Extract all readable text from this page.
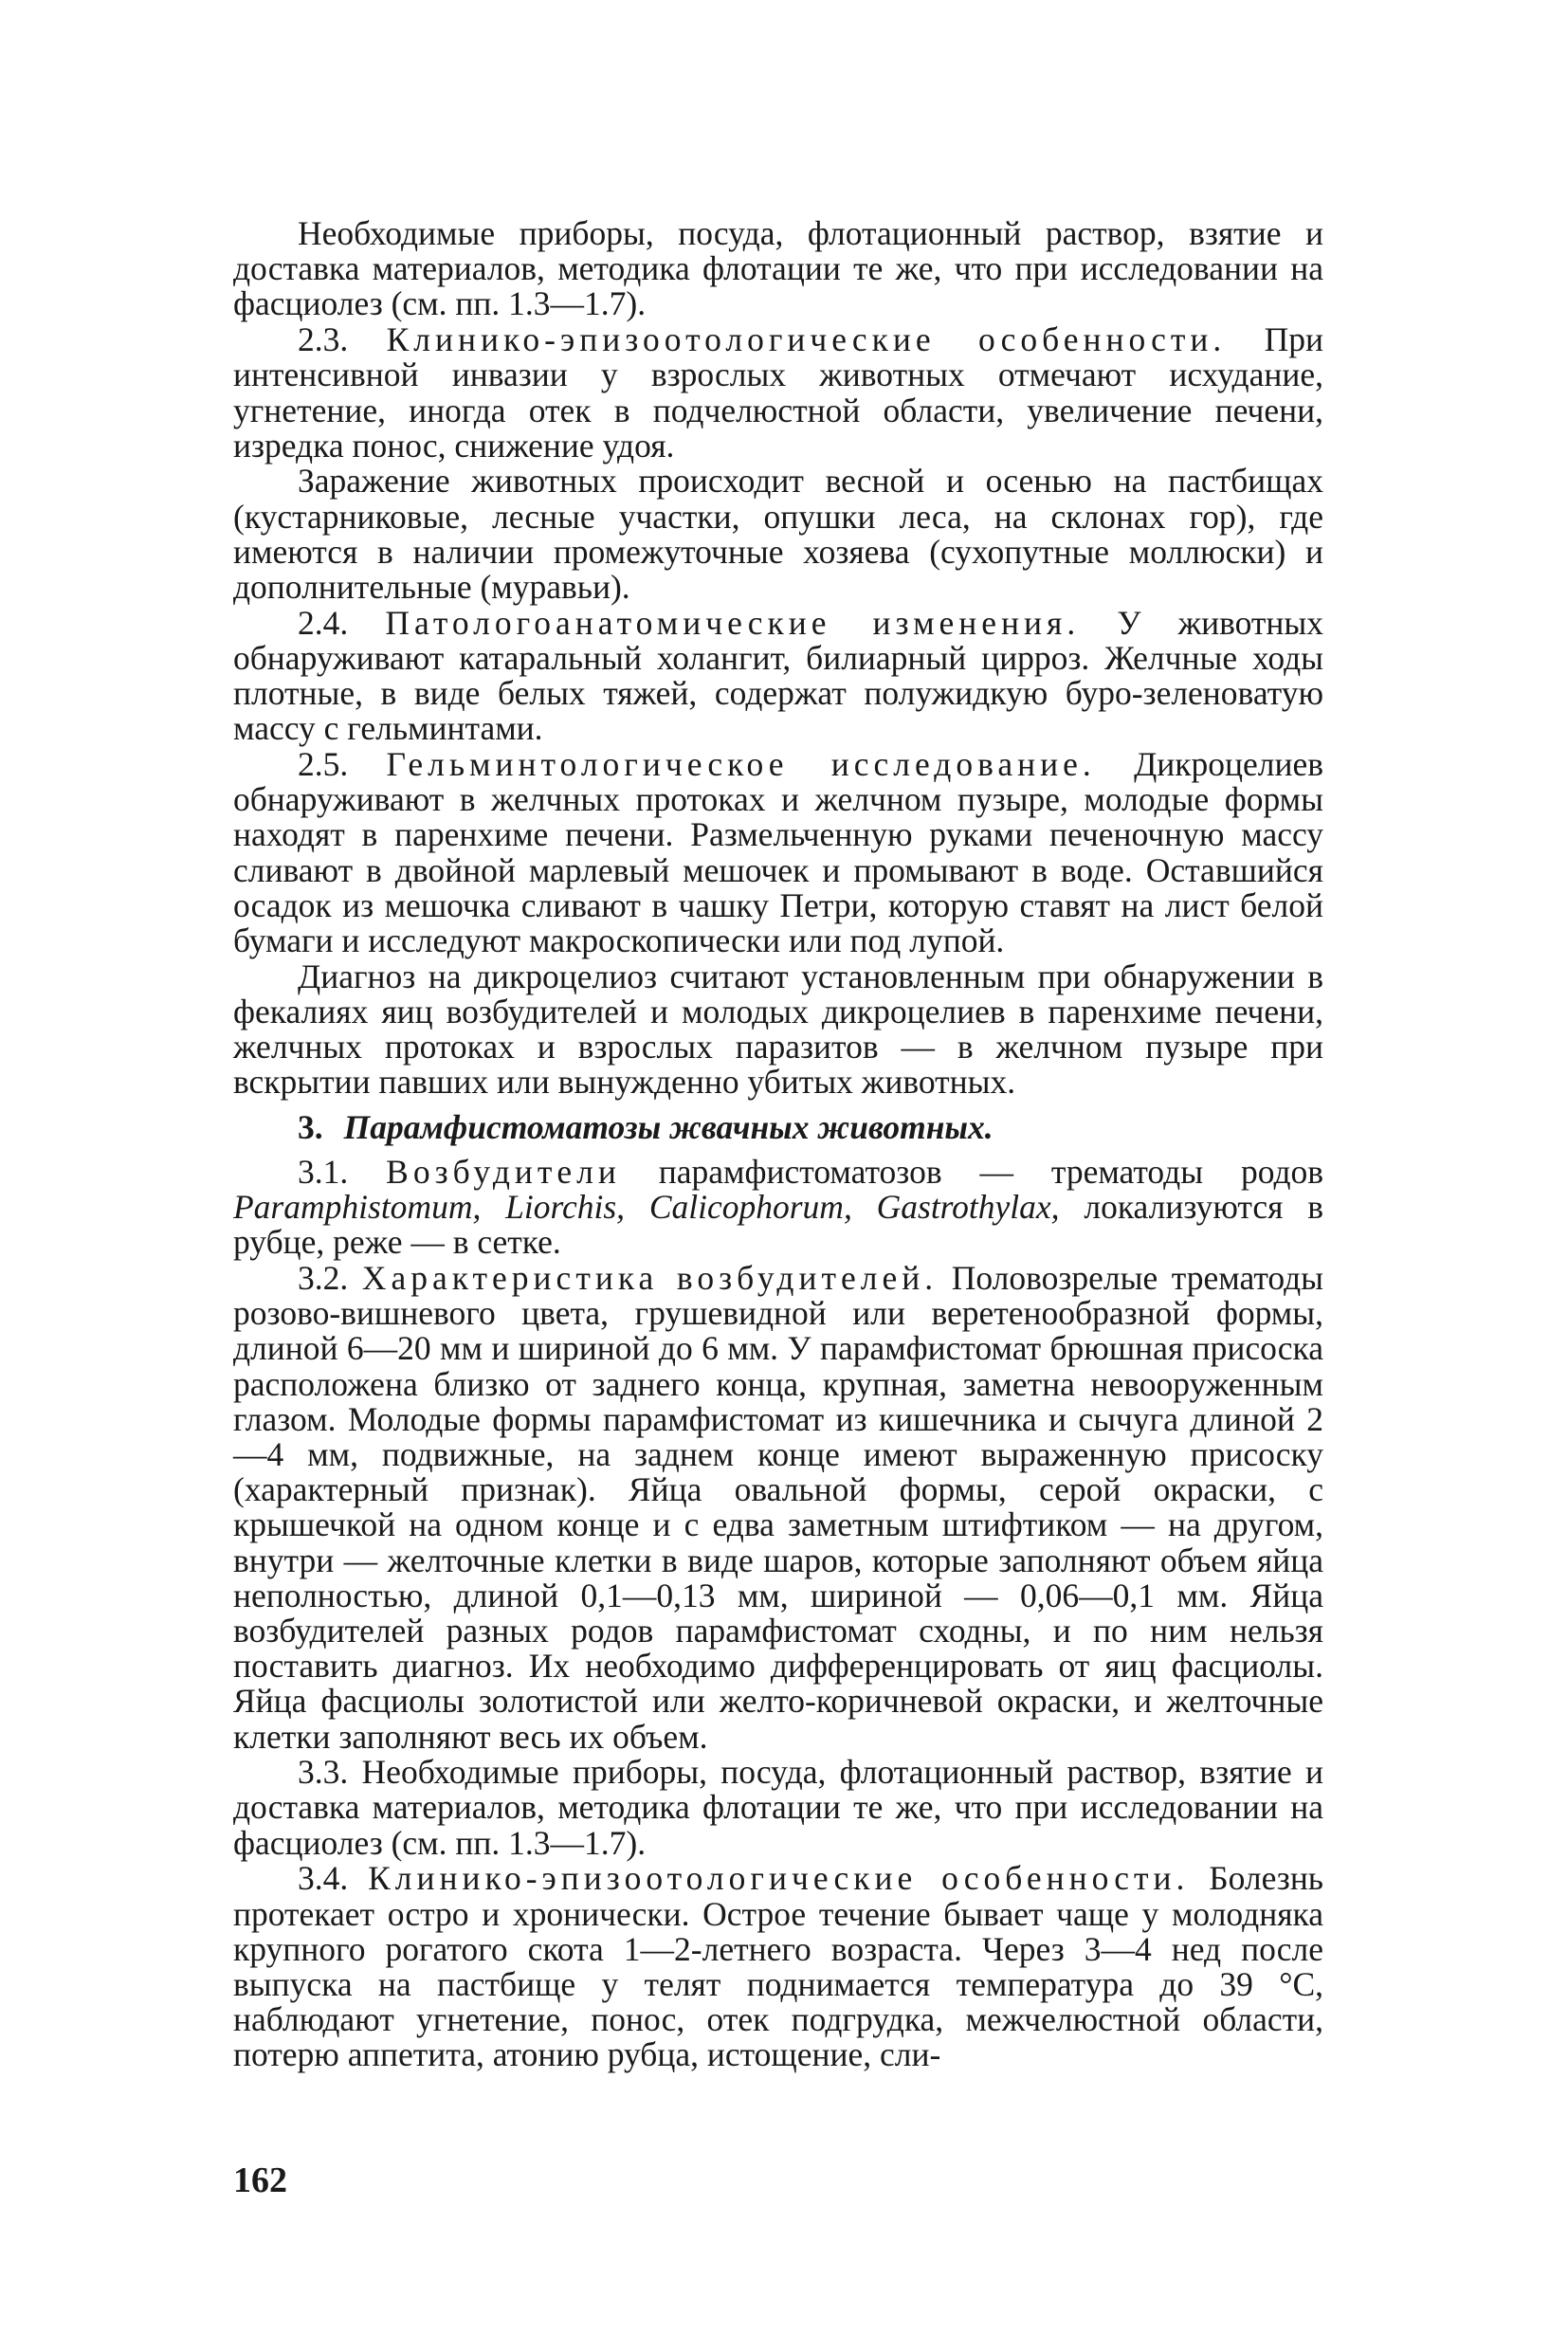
Необходимые приборы, посуда, флотационный раствор, взятие и доставка материалов, методика флотации те же, что при исследовании на фасциолез (см. пп. 1.3—1.7).

2.3. Клинико-эпизоотологические особенности. При интенсивной инвазии у взрослых животных отмечают исхудание, угнетение, иногда отек в подчелюстной области, увеличение печени, изредка понос, снижение удоя.

Заражение животных происходит весной и осенью на пастбищах (кустарниковые, лесные участки, опушки леса, на склонах гор), где имеются в наличии промежуточные хозяева (сухопутные моллюски) и дополнительные (муравьи).

2.4. Патологоанатомические изменения. У животных обнаруживают катаральный холангит, билиарный цирроз. Желчные ходы плотные, в виде белых тяжей, содержат полужидкую буро-зеленоватую массу с гельминтами.

2.5. Гельминтологическое исследование. Дикроцелиев обнаруживают в желчных протоках и желчном пузыре, молодые формы находят в паренхиме печени. Размельченную руками печеночную массу сливают в двойной марлевый мешочек и промывают в воде. Оставшийся осадок из мешочка сливают в чашку Петри, которую ставят на лист белой бумаги и исследуют макроскопически или под лупой.

Диагноз на дикроцелиоз считают установленным при обнаружении в фекалиях яиц возбудителей и молодых дикроцелиев в паренхиме печени, желчных протоках и взрослых паразитов — в желчном пузыре при вскрытии павших или вынужденно убитых животных.

3. Парамфистоматозы жвачных животных.

3.1. Возбудители парамфистоматозов — трематоды родов Paramphistomum, Liorchis, Calicophorum, Gastrothylax, локализуются в рубце, реже — в сетке.

3.2. Характеристика возбудителей. Половозрелые трематоды розово-вишневого цвета, грушевидной или веретенообразной формы, длиной 6—20 мм и шириной до 6 мм. У парамфистомат брюшная присоска расположена близко от заднего конца, крупная, заметна невооруженным глазом. Молодые формы парамфистомат из кишечника и сычуга длиной 2—4 мм, подвижные, на заднем конце имеют выраженную присоску (характерный признак). Яйца овальной формы, серой окраски, с крышечкой на одном конце и с едва заметным штифтиком — на другом, внутри — желточные клетки в виде шаров, которые заполняют объем яйца неполностью, длиной 0,1—0,13 мм, шириной — 0,06—0,1 мм. Яйца возбудителей разных родов парамфистомат сходны, и по ним нельзя поставить диагноз. Их необходимо дифференцировать от яиц фасциолы. Яйца фасциолы золотистой или желто-коричневой окраски, и желточные клетки заполняют весь их объем.

3.3. Необходимые приборы, посуда, флотационный раствор, взятие и доставка материалов, методика флотации те же, что при исследовании на фасциолез (см. пп. 1.3—1.7).

3.4. Клинико-эпизоотологические особенности. Болезнь протекает остро и хронически. Острое течение бывает чаще у молодняка крупного рогатого скота 1—2-летнего возраста. Через 3—4 нед после выпуска на пастбище у телят поднимается температура до 39 °С, наблюдают угнетение, понос, отек подгрудка, межчелюстной области, потерю аппетита, атонию рубца, истощение, сли-

162
